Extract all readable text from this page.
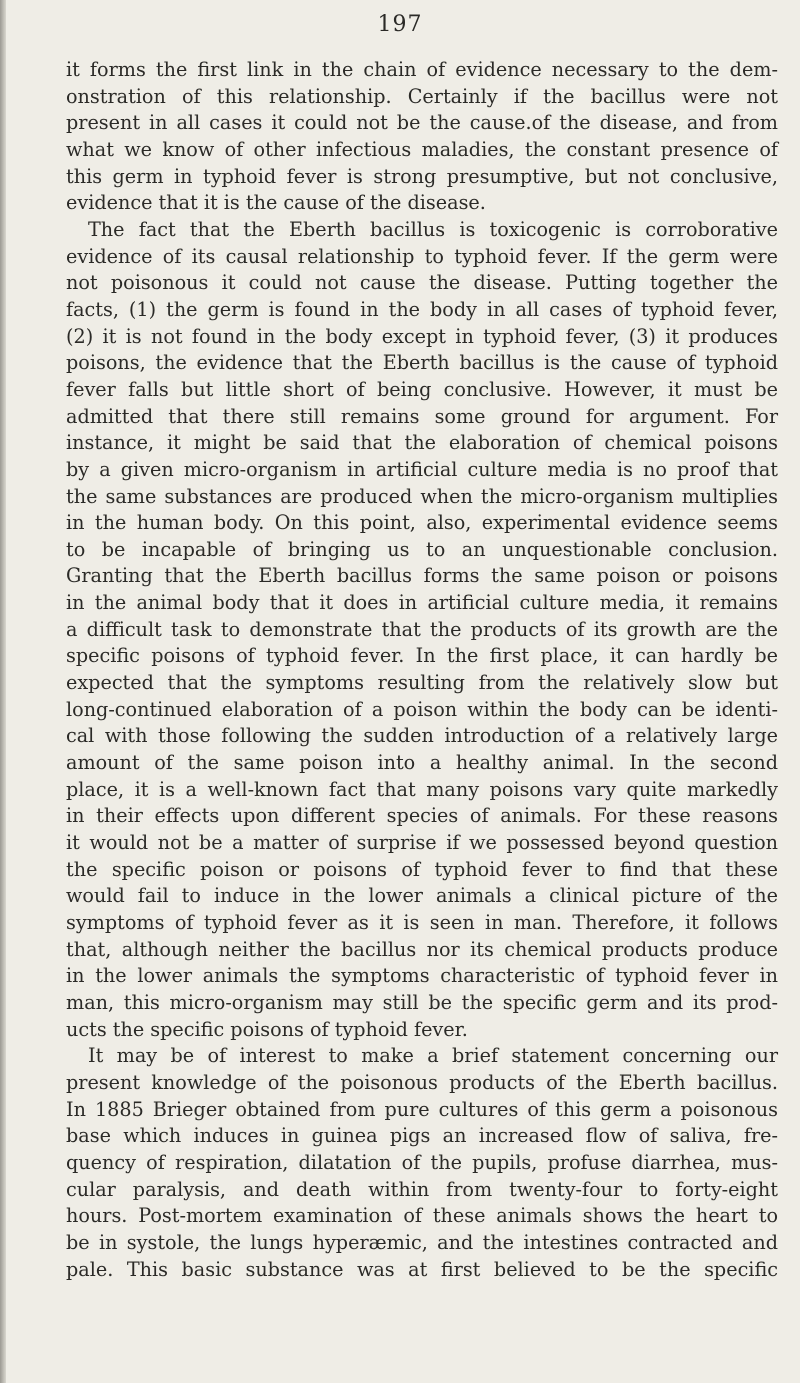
197

it forms the first link in the chain of evidence necessary to the dem-
onstration of this relationship. Certainly if the bacillus were not
present in all cases it could not be the cause.of the disease, and from
what we know of other infectious maladies, the constant presence of
this germ in typhoid fever is strong presumptive, but not conclusive,
evidence that it is the cause of the disease.

The fact that the Eberth bacillus is toxicogenic is corroborative
evidence of its causal relationship to typhoid fever. If the germ were
not poisonous it could not cause the disease. Putting together the
facts, (1) the germ is found in the body in all cases of typhoid fever,
(2) it is not found in the body except in typhoid fever, (3) it produces
poisons, the evidence that the Eberth bacillus is the cause of typhoid
fever falls but little short of being conclusive. However, it must be
admitted that there still remains some ground for argument. For
instance, it might be said that the elaboration of chemical poisons
by a given micro-organism in artificial culture media is no proof that
the same substances are produced when the micro-organism multiplies
in the human body. On this point, also, experimental evidence seems
to be incapable of bringing us to an unquestionable conclusion.
Granting that the Eberth bacillus forms the same poison or poisons
in the animal body that it does in artificial culture media, it remains
a difficult task to demonstrate that the products of its growth are the
specific poisons of typhoid fever. In the first place, it can hardly be
expected that the symptoms resulting from the relatively slow but
long-continued elaboration of a poison within the body can be identi-
cal with those following the sudden introduction of a relatively large
amount of the same poison into a healthy animal. In the second
place, it is a well-known fact that many poisons vary quite markedly
in their effects upon different species of animals. For these reasons
it would not be a matter of surprise if we possessed beyond question
the specific poison or poisons of typhoid fever to find that these
would fail to induce in the lower animals a clinical picture of the
symptoms of typhoid fever as it is seen in man. Therefore, it follows
that, although neither the bacillus nor its chemical products produce
in the lower animals the symptoms characteristic of typhoid fever in
man, this micro-organism may still be the specific germ and its prod-
ucts the specific poisons of typhoid fever.

It may be of interest to make a brief statement concerning our
present knowledge of the poisonous products of the Eberth bacillus.
In 1885 Brieger obtained from pure cultures of this germ a poisonous
base which induces in guinea pigs an increased flow of saliva, fre-
quency of respiration, dilatation of the pupils, profuse diarrhea, mus-
cular paralysis, and death within from twenty-four to forty-eight
hours. Post-mortem examination of these animals shows the heart to
be in systole, the lungs hyperæmic, and the intestines contracted and
pale. This basic substance was at first believed to be the specific
